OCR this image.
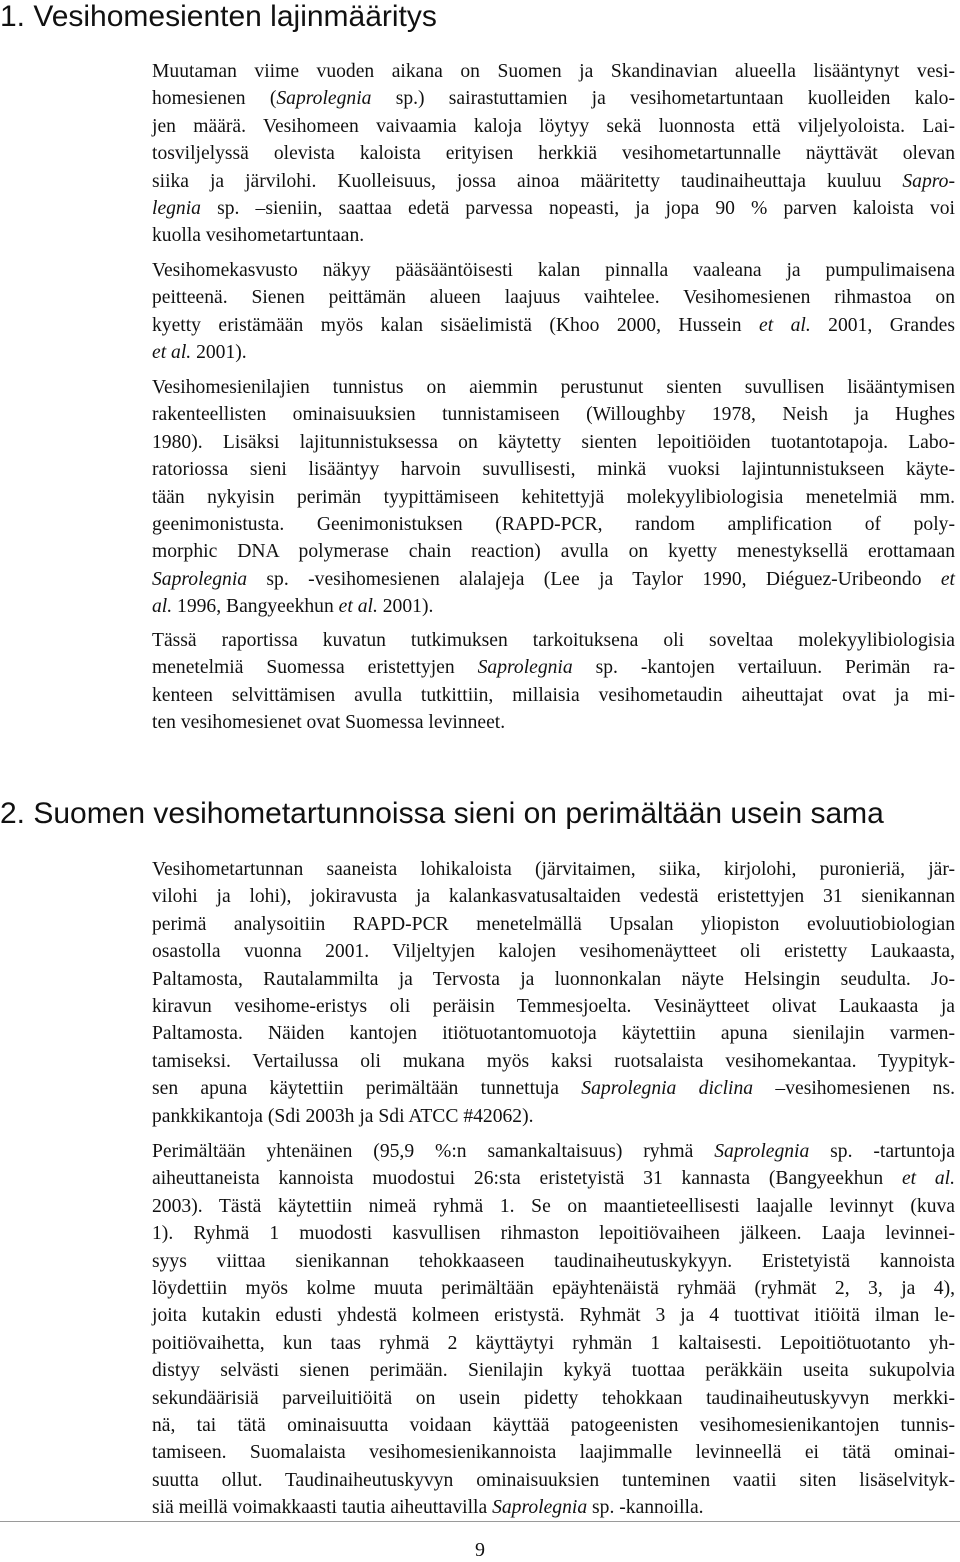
1. Vesihomesienten lajinmääritys
Muutaman viime vuoden aikana on Suomen ja Skandinavian alueella lisääntynyt vesi-
homesienen (Saprolegnia sp.) sairastuttamien ja vesihometartuntaan kuolleiden kalo-
jen määrä. Vesihomeen vaivaamia kaloja löytyy sekä luonnosta että viljelyoloista. Lai-
tosviljelyssä olevista kaloista erityisen herkkiä vesihometartunnalle näyttävät olevan
siika ja järvilohi. Kuolleisuus, jossa ainoa määritetty taudinaiheuttaja kuuluu Sapro-
legnia sp. –sieniin, saattaa edetä parvessa nopeasti, ja jopa 90 % parven kaloista voi
kuolla vesihometartuntaan.
Vesihomekasvusto näkyy pääsääntöisesti kalan pinnalla vaaleana ja pumpulimaisena
peitteenä. Sienen peittämän alueen laajuus vaihtelee. Vesihomesienen rihmastoa on
kyetty eristämään myös kalan sisäelimistä (Khoo 2000, Hussein et al. 2001, Grandes
et al. 2001).
Vesihomesienilajien tunnistus on aiemmin perustunut sienten suvullisen lisääntymisen
rakenteellisten ominaisuuksien tunnistamiseen (Willoughby 1978, Neish ja Hughes
1980). Lisäksi lajitunnistuksessa on käytetty sienten lepoitiöiden tuotantotapoja. Labo-
ratoriossa sieni lisääntyy harvoin suvullisesti, minkä vuoksi lajintunnistukseen käyte-
tään nykyisin perimän tyypittämiseen kehitettyjä molekyylibiologisia menetelmiä mm.
geenimonistusta. Geenimonistuksen (RAPD-PCR, random amplification of poly-
morphic DNA polymerase chain reaction) avulla on kyetty menestyksellä erottamaan
Saprolegnia sp. -vesihomesienen alalajeja (Lee ja Taylor 1990, Diéguez-Uribeondo et
al. 1996, Bangyeekhun et al. 2001).
Tässä raportissa kuvatun tutkimuksen tarkoituksena oli soveltaa molekyylibiologisia
menetelmiä Suomessa eristettyjen Saprolegnia sp. -kantojen vertailuun. Perimän ra-
kenteen selvittämisen avulla tutkittiin, millaisia vesihometaudin aiheuttajat ovat ja mi-
ten vesihomesienet ovat Suomessa levinneet.
2. Suomen vesihometartunnoissa sieni on perimältään usein sama
Vesihometartunnan saaneista lohikaloista (järvitaimen, siika, kirjolohi, puronieriä, jär-
vilohi ja lohi), jokiravusta ja kalankasvatusaltaiden vedestä eristettyjen 31 sienikannan
perimä analysoitiin RAPD-PCR menetelmällä Upsalan yliopiston evoluutiobiologian
osastolla vuonna 2001. Viljeltyjen kalojen vesihomenäytteet oli eristetty Laukaasta,
Paltamosta, Rautalammilta ja Tervosta ja luonnonkalan näyte Helsingin seudulta. Jo-
kiravun vesihome-eristys oli peräisin Temmesjoelta. Vesinäytteet olivat Laukaasta ja
Paltamosta. Näiden kantojen itiötuotantomuotoja käytettiin apuna sienilajin varmen-
tamiseksi. Vertailussa oli mukana myös kaksi ruotsalaista vesihomekantaa. Tyypityk-
sen apuna käytettiin perimältään tunnettuja Saprolegnia diclina –vesihomesienen ns.
pankkikantoja (Sdi 2003h ja Sdi ATCC #42062).
Perimältään yhtenäinen (95,9 %:n samankaltaisuus) ryhmä Saprolegnia sp. -tartuntoja
aiheuttaneista kannoista muodostui 26:sta eristetyistä 31 kannasta (Bangyeekhun et al.
2003). Tästä käytettiin nimeä ryhmä 1. Se on maantieteellisesti laajalle levinnyt (kuva
1). Ryhmä 1 muodosti kasvullisen rihmaston lepoitiövaiheen jälkeen. Laaja levinnei-
syys viittaa sienikannan tehokkaaseen taudinaiheutuskykyyn. Eristetyistä kannoista
löydettiin myös kolme muuta perimältään epäyhtenäistä ryhmää (ryhmät 2, 3, ja 4),
joita kutakin edusti yhdestä kolmeen eristystä. Ryhmät 3 ja 4 tuottivat itiöitä ilman le-
poitiövaihetta, kun taas ryhmä 2 käyttäytyi ryhmän 1 kaltaisesti. Lepoitiötuotanto yh-
distyy selvästi sienen perimään. Sienilajin kykyä tuottaa peräkkäin useita sukupolvia
sekundäärisiä parveiluitiöitä on usein pidetty tehokkaan taudinaiheutuskyvyn merkki-
nä, tai tätä ominaisuutta voidaan käyttää patogeenisten vesihomesienikantojen tunnis-
tamiseen. Suomalaista vesihomesienikannoista laajimmalle levinneellä ei tätä ominai-
suutta ollut. Taudinaiheutuskyvyn ominaisuuksien tunteminen vaatii siten lisäselvityk-
siä meillä voimakkaasti tautia aiheuttavilla Saprolegnia sp. -kannoilla.

9
